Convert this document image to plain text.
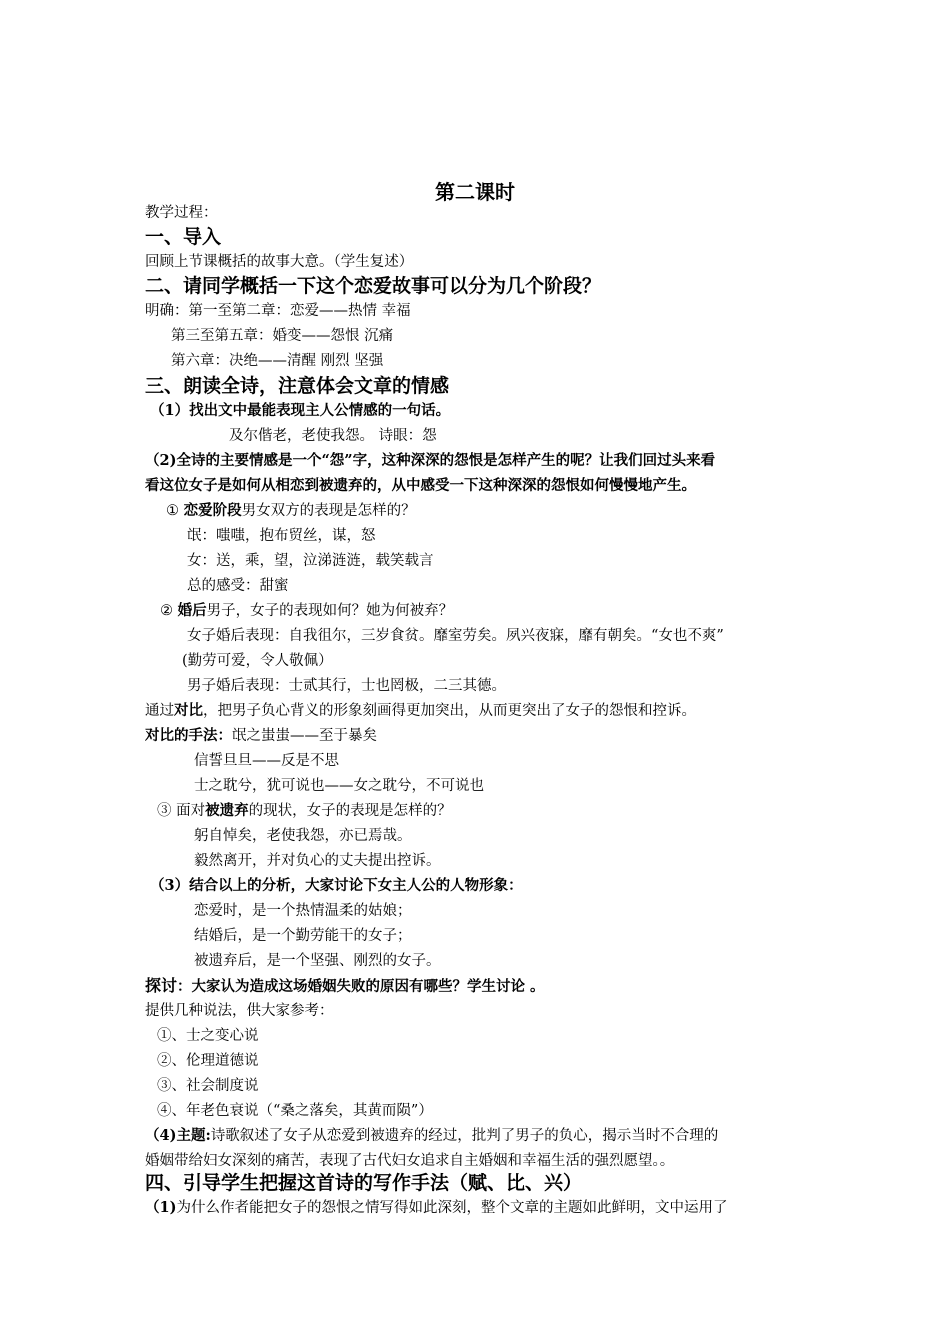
第二课时
教学过程：
一、导入
回顾上节课概括的故事大意。（学生复述）
二、请同学概括一下这个恋爱故事可以分为几个阶段？
明确：第一至第二章：恋爱——热情 幸福
第三至第五章：婚变——怨恨 沉痛
第六章：决绝——清醒 刚烈 坚强
三、朗读全诗，注意体会文章的情感
（1）找出文中最能表现主人公情感的一句话。
及尔偕老，老使我怨。 诗眼：怨
（2)全诗的主要情感是一个“怨”字，这种深深的怨恨是怎样产生的呢？让我们回过头来看
看这位女子是如何从相恋到被遗弃的，从中感受一下这种深深的怨恨如何慢慢地产生。
① 恋爱阶段男女双方的表现是怎样的？
氓：嗤嗤，抱布贸丝，谋，怒
女：送，乘，望，泣涕涟涟，载笑载言
总的感受：甜蜜
② 婚后男子，女子的表现如何？她为何被弃？
女子婚后表现：自我徂尔，三岁食贫。靡室劳矣。夙兴夜寐，靡有朝矣。“女也不爽”
(勤劳可爱，令人敬佩）
男子婚后表现：士贰其行，士也罔极，二三其德。
通过对比，把男子负心背义的形象刻画得更加突出，从而更突出了女子的怨恨和控诉。
对比的手法：氓之蚩蚩——至于暴矣
信誓旦旦——反是不思
士之耽兮，犹可说也——女之耽兮，不可说也
③ 面对被遗弃的现状，女子的表现是怎样的？
躬自悼矣，老使我怨，亦已焉哉。
毅然离开，并对负心的丈夫提出控诉。
（3）结合以上的分析，大家讨论下女主人公的人物形象：
恋爱时，是一个热情温柔的姑娘；
结婚后，是一个勤劳能干的女子；
被遗弃后，是一个坚强、刚烈的女子。
探讨：大家认为造成这场婚姻失败的原因有哪些？学生讨论 。
提供几种说法，供大家参考：
①、士之变心说
②、伦理道德说
③、社会制度说
④、年老色衰说（“桑之落矣，其黄而陨”）
（4)主题:诗歌叙述了女子从恋爱到被遗弃的经过，批判了男子的负心，揭示当时不合理的
婚姻带给妇女深刻的痛苦，表现了古代妇女追求自主婚姻和幸福生活的强烈愿望。。
四、引导学生把握这首诗的写作手法（赋、比、兴）
（1)为什么作者能把女子的怨恨之情写得如此深刻，整个文章的主题如此鲜明，文中运用了
